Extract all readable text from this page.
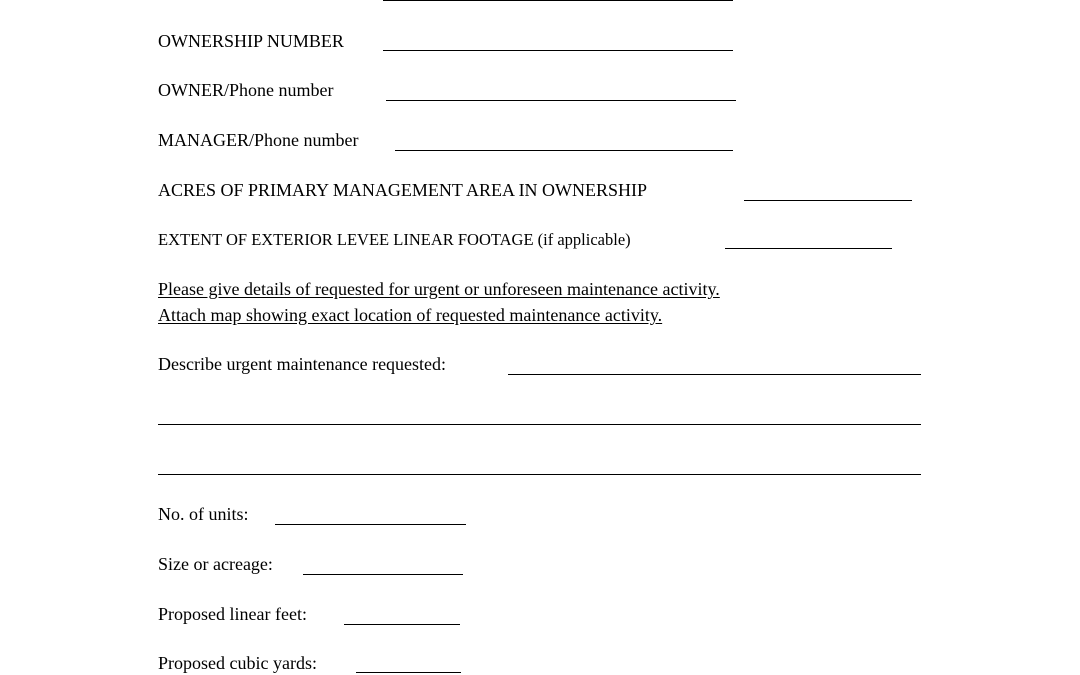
OWNERSHIP NUMBER
OWNER/Phone number
MANAGER/Phone number
ACRES OF PRIMARY MANAGEMENT AREA IN OWNERSHIP
EXTENT OF EXTERIOR LEVEE LINEAR FOOTAGE (if applicable)
Please give details of requested for urgent or unforeseen maintenance activity.
Attach map showing exact location of requested maintenance activity.
Describe urgent maintenance requested:
No. of units:
Size or acreage:
Proposed linear feet:
Proposed cubic yards:
